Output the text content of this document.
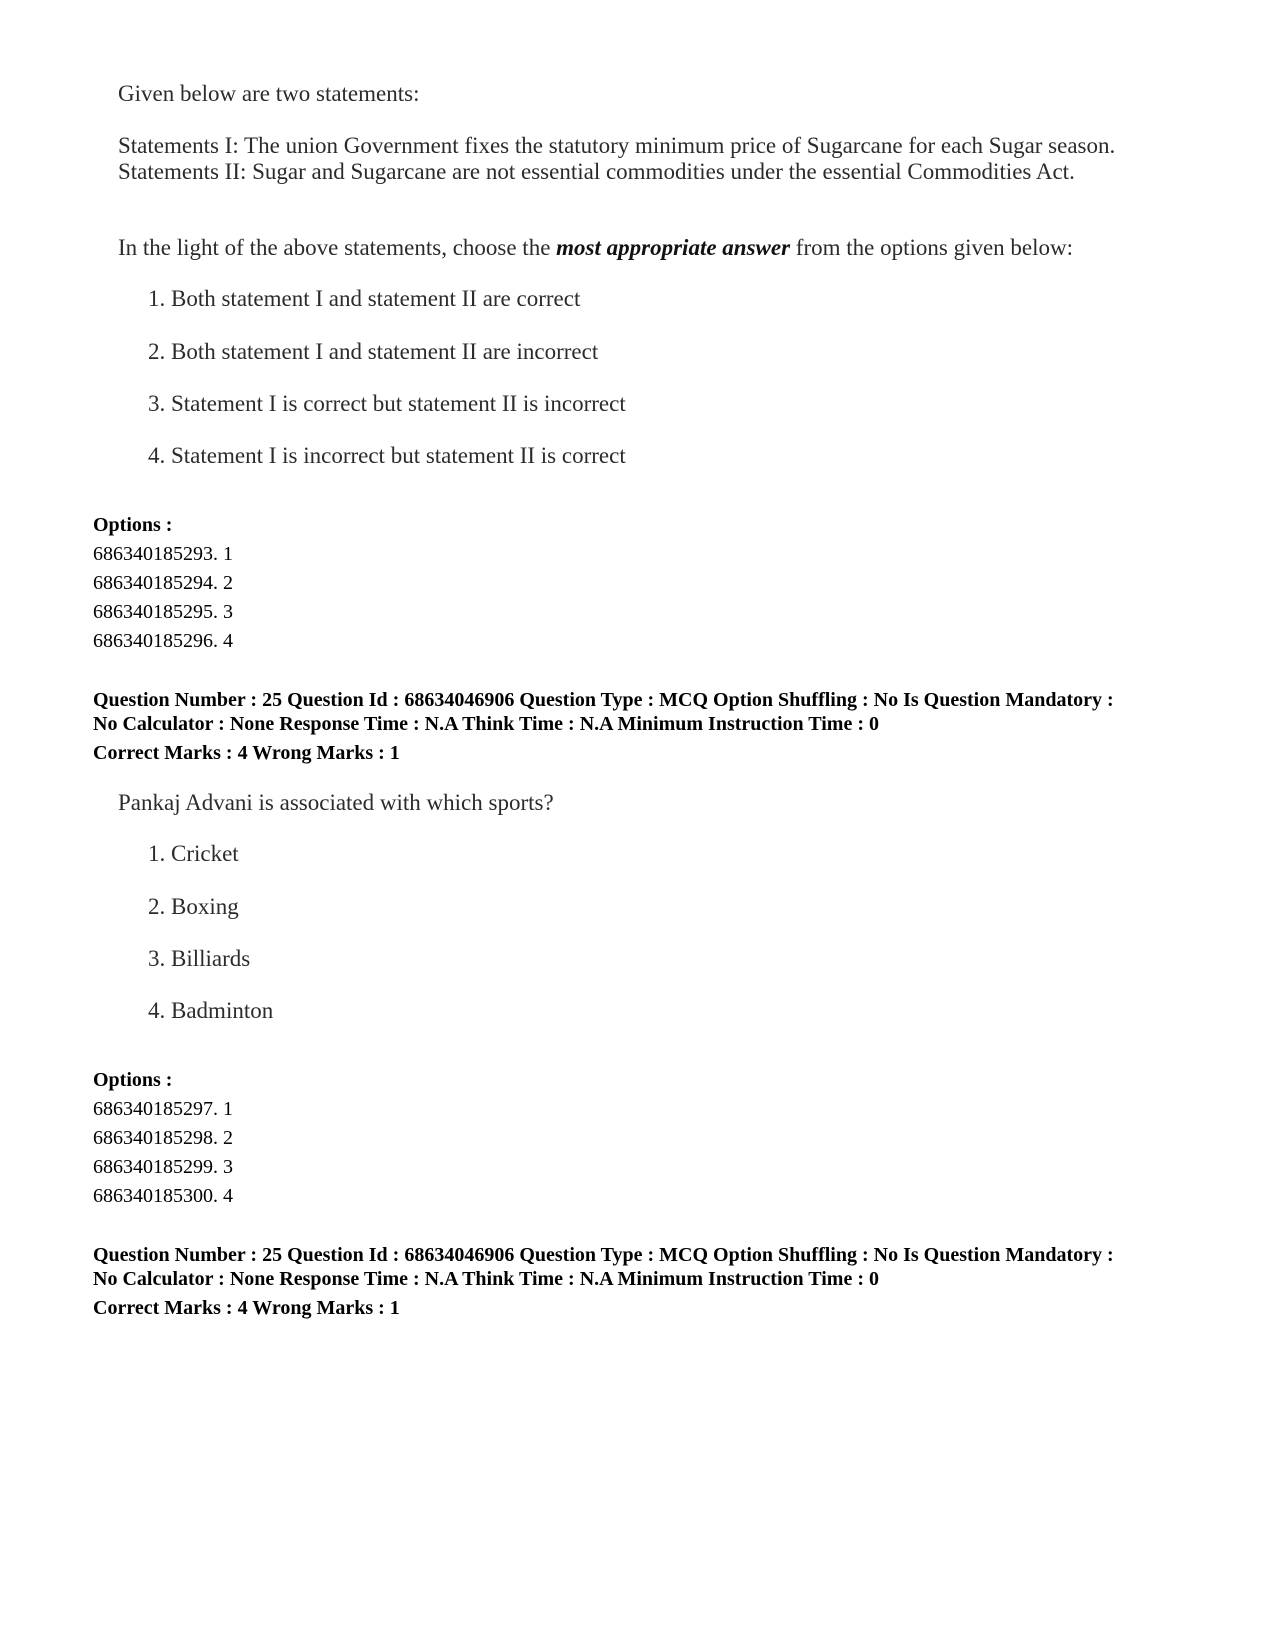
Given below are two statements:
Statements I: The union Government fixes the statutory minimum price of Sugarcane for each Sugar season.
Statements II: Sugar and Sugarcane are not essential commodities under the essential Commodities Act.
In the light of the above statements, choose the most appropriate answer from the options given below:
1. Both statement I and statement II are correct
2. Both statement I and statement II are incorrect
3. Statement I is correct but statement II is incorrect
4. Statement I is incorrect but statement II is correct
Options :
686340185293. 1
686340185294. 2
686340185295. 3
686340185296. 4
Question Number : 25 Question Id : 68634046906 Question Type : MCQ Option Shuffling : No Is Question Mandatory :
No Calculator : None Response Time : N.A Think Time : N.A Minimum Instruction Time : 0
Correct Marks : 4 Wrong Marks : 1
Pankaj Advani is associated with which sports?
1. Cricket
2. Boxing
3. Billiards
4. Badminton
Options :
686340185297. 1
686340185298. 2
686340185299. 3
686340185300. 4
Question Number : 25 Question Id : 68634046906 Question Type : MCQ Option Shuffling : No Is Question Mandatory :
No Calculator : None Response Time : N.A Think Time : N.A Minimum Instruction Time : 0
Correct Marks : 4 Wrong Marks : 1
